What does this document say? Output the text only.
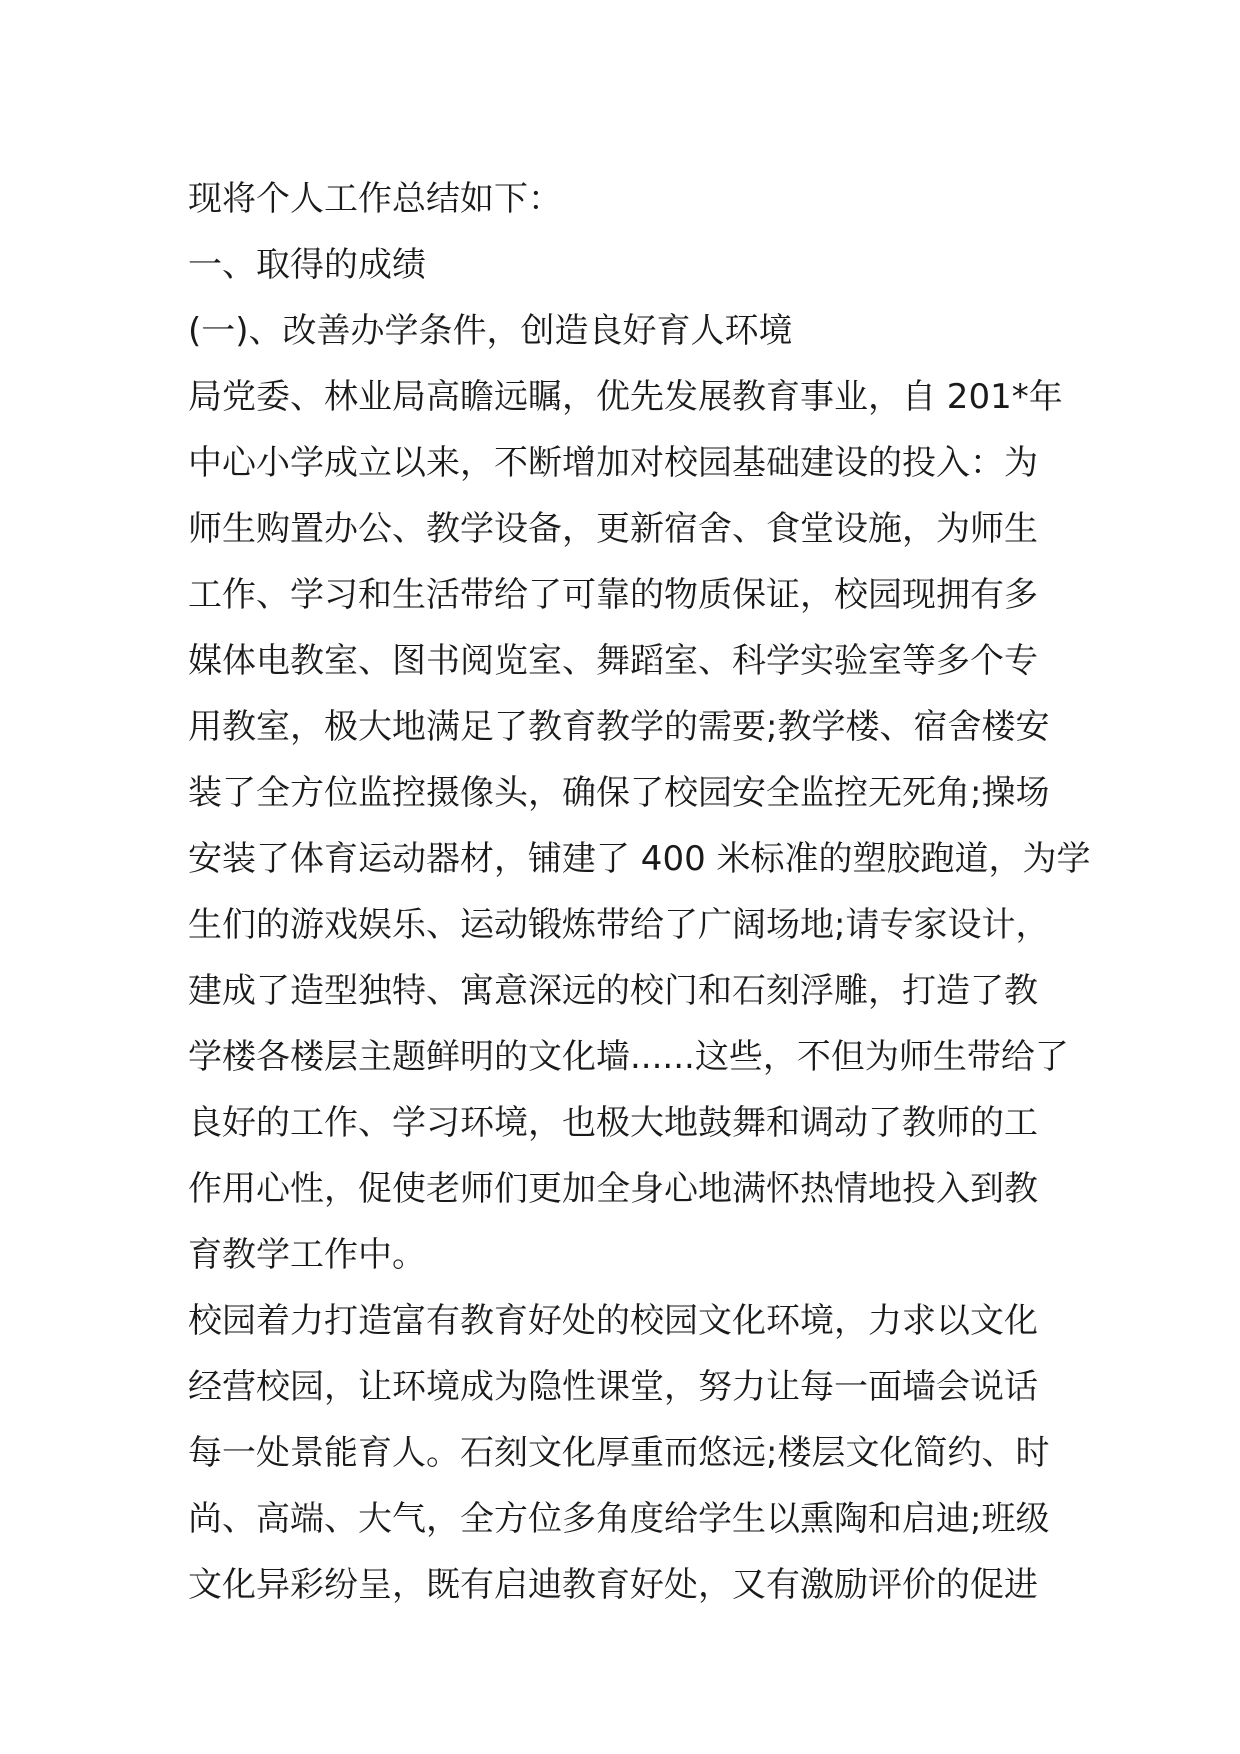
现将个人工作总结如下：
一、取得的成绩
(一)、改善办学条件，创造良好育人环境
局党委、林业局高瞻远瞩，优先发展教育事业，自 201*年
中心小学成立以来，不断增加对校园基础建设的投入：为
师生购置办公、教学设备，更新宿舍、食堂设施，为师生
工作、学习和生活带给了可靠的物质保证，校园现拥有多
媒体电教室、图书阅览室、舞蹈室、科学实验室等多个专
用教室，极大地满足了教育教学的需要;教学楼、宿舍楼安
装了全方位监控摄像头，确保了校园安全监控无死角;操场
安装了体育运动器材，铺建了 400 米标准的塑胶跑道，为学
生们的游戏娱乐、运动锻炼带给了广阔场地;请专家设计，
建成了造型独特、寓意深远的校门和石刻浮雕，打造了教
学楼各楼层主题鲜明的文化墙......这些，不但为师生带给了
良好的工作、学习环境，也极大地鼓舞和调动了教师的工
作用心性，促使老师们更加全身心地满怀热情地投入到教
育教学工作中。
校园着力打造富有教育好处的校园文化环境，力求以文化
经营校园，让环境成为隐性课堂，努力让每一面墙会说话
每一处景能育人。石刻文化厚重而悠远;楼层文化简约、时
尚、高端、大气，全方位多角度给学生以熏陶和启迪;班级
文化异彩纷呈，既有启迪教育好处，又有激励评价的促进
